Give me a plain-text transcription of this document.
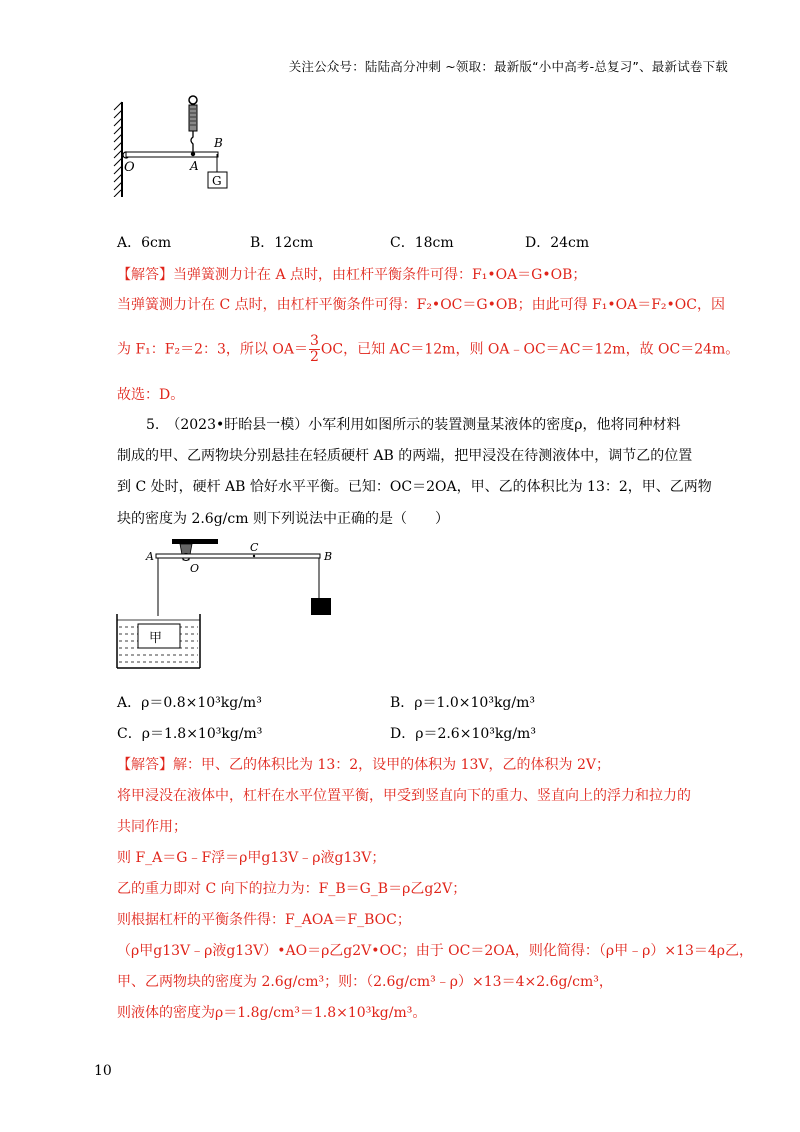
关注公众号：陆陆高分冲刺 ~领取：最新版“小中高考-总复习”、最新试卷下载
G
O	A
B
A．6cm	B．12cm	C．18cm	D．24cm
【解答】当弹簧测力计在 A 点时，由杠杆平衡条件可得：F₁•OA＝G•OB；
当弹簧测力计在 C 点时，由杠杆平衡条件可得：F₂•OC＝G•OB；由此可得 F₁•OA＝F₂•OC，因
为 F₁：F₂＝2：3，所以 $OA= \frac{3}{2}$ OC，已知 AC＝12m，则 OA﹣OC＝AC＝12m，故 OC＝24m。
故选：D。
5.　（2023•盱眙县一模）小军利用如图所示的装置测量某液体的密度ρ，他将同种材料
制成的甲、乙两物块分别悬挂在轻质硬杆 AB 的两端，把甲浸没在待测液体中，调节乙的位置
到 C 处时，硬杆 AB 恰好水平平衡。已知：OC＝2OA，甲、乙的体积比为 13：2，甲、乙两物
块的密度为 2.6g/cm 则下列说法中正确的是（　　）
甲
A
O
C
B
A．ρ＝0.8×10³kg/m³	B．ρ＝1.0×10³kg/m³
C．ρ＝1.8×10³kg/m³	D．ρ＝2.6×10³kg/m³
【解答】解：甲、乙的体积比为 13：2，设甲的体积为 13V，乙的体积为 2V；
将甲浸没在液体中，杠杆在水平位置平衡，甲受到竖直向下的重力、竖直向上的浮力和拉力的
共同作用；
则 F_A＝G﹣F浮＝ρ甲g13V﹣ρ液g13V；
乙的重力即对 C 向下的拉力为：F_B＝G_B＝ρ乙g2V；
则根据杠杆的平衡条件得：F_AOA＝F_BOC；
（ρ甲g13V﹣ρ液g13V）•AO＝ρ乙g2V•OC；由于 OC＝2OA，则化简得：（ρ甲﹣ρ）×13＝4ρ乙，
甲、乙两物块的密度为 2.6g/cm³；则：（2.6g/cm³﹣ρ）×13＝4×2.6g/cm³，
则液体的密度为ρ＝1.8g/cm³＝1.8×10³kg/m³。
10
